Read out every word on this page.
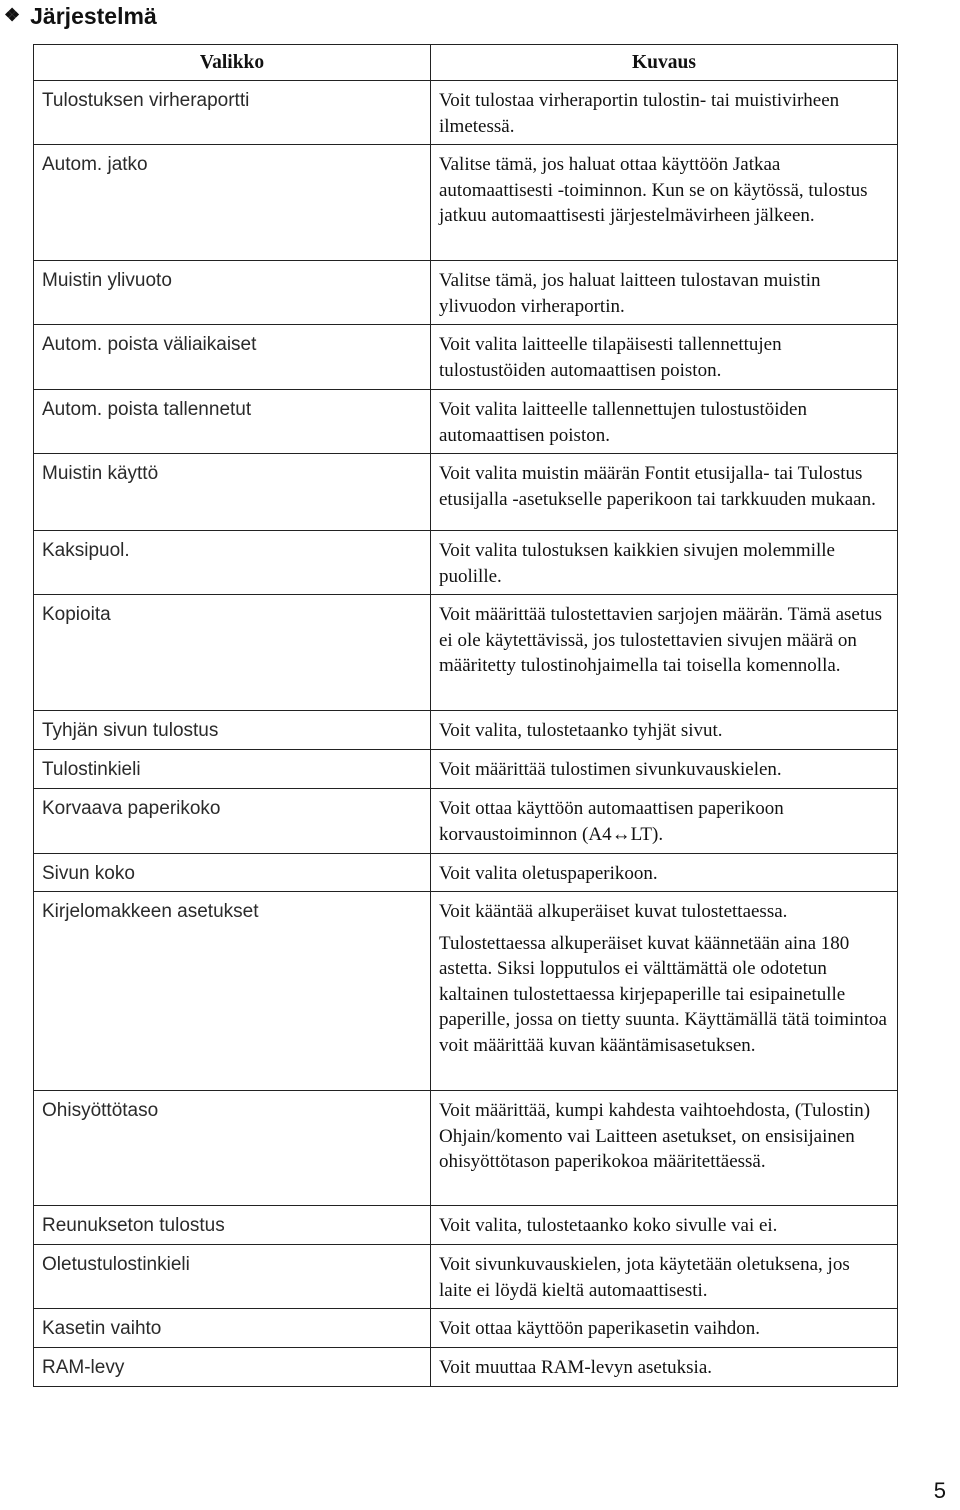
❖ Järjestelmä
Valikko	Kuvaus
Tulostuksen virheraportti	Voit tulostaa virheraportin tulostin- tai muistivirheen ilmetessä.

Autom. jatko	Valitse tämä, jos haluat ottaa käyttöön Jatkaa automaattisesti -toiminnon. Kun se on käytössä, tulostus jatkuu automaattisesti järjestelmävirheen jälkeen.

Muistin ylivuoto	Valitse tämä, jos haluat laitteen tulostavan muistin ylivuodon virheraportin.

Autom. poista väliaikaiset	Voit valita laitteelle tilapäisesti tallennettujen tulostustöiden automaattisen poiston.

Autom. poista tallennetut	Voit valita laitteelle tallennettujen tulostustöiden automaattisen poiston.

Muistin käyttö	Voit valita muistin määrän Fontit etusijalla- tai Tulostus etusijalla -asetukselle paperikoon tai tarkkuuden mukaan.

Kaksipuol.	Voit valita tulostuksen kaikkien sivujen molemmille puolille.

Kopioita	Voit määrittää tulostettavien sarjojen määrän. Tämä asetus ei ole käytettävissä, jos tulostettavien sivujen määrä on määritetty tulostinohjaimella tai toisella komennolla.

Tyhjän sivun tulostus	Voit valita, tulostetaanko tyhjät sivut.

Tulostinkieli	Voit määrittää tulostimen sivunkuvauskielen.

Korvaava paperikoko	Voit ottaa käyttöön automaattisen paperikoon korvaustoiminnon (A4↔LT).

Sivun koko	Voit valita oletuspaperikoon.

Kirjelomakkeen asetukset	Voit kääntää alkuperäiset kuvat tulostettaessa.

Tulostettaessa alkuperäiset kuvat käännetään aina 180 astetta. Siksi lopputulos ei välttämättä ole odotetun kaltainen tulostettaessa kirjepaperille tai esipainetulle paperille, jossa on tietty suunta. Käyttämällä tätä toimintoa voit määrittää kuvan kääntämisasetuksen.

Ohisyöttötaso	Voit määrittää, kumpi kahdesta vaihtoehdosta, (Tulostin) Ohjain/komento vai Laitteen asetukset, on ensisijainen ohisyöttötason paperikokoa määritettäessä.

Reunukseton tulostus	Voit valita, tulostetaanko koko sivulle vai ei.

Oletustulostinkieli	Voit sivunkuvauskielen, jota käytetään oletuksena, jos laite ei löydä kieltä automaattisesti.

Kasetin vaihto	Voit ottaa käyttöön paperikasetin vaihdon.

RAM-levy	Voit muuttaa RAM-levyn asetuksia.

5
